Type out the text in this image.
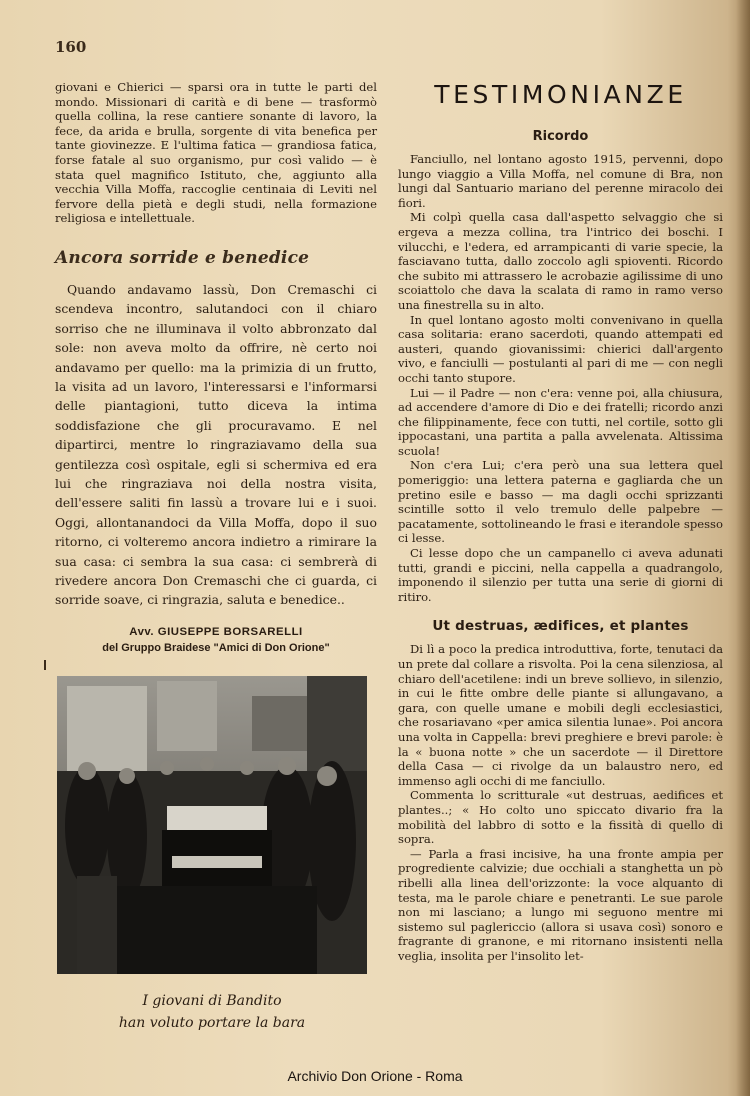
160

giovani e Chierici — sparsi ora in tutte le parti del mondo. Missionari di carità e di bene — trasformò quella collina, la rese cantiere sonante di lavoro, la fece, da arida e brulla, sorgente di vita benefica per tante giovinezze. E l'ultima fatica — grandiosa fatica, forse fatale al suo organismo, pur così valido — è stata quel magnifico Istituto, che, aggiunto alla vecchia Villa Moffa, raccoglie centinaia di Leviti nel fervore della pietà e degli studi, nella formazione religiosa e intellettuale.

Ancora sorride e benedice

Quando andavamo lassù, Don Cremaschi ci scendeva incontro, salutandoci con il chiaro sorriso che ne illuminava il volto abbronzato dal sole: non aveva molto da offrire, nè certo noi andavamo per quello: ma la primizia di un frutto, la visita ad un lavoro, l'interessarsi e l'informarsi delle piantagioni, tutto diceva la intima soddisfazione che gli procuravamo. E nel dipartirci, mentre lo ringraziavamo della sua gentilezza così ospitale, egli si schermiva ed era lui che ringraziava noi della nostra visita, dell'essere saliti fin lassù a trovare lui e i suoi. Oggi, allontanandoci da Villa Moffa, dopo il suo ritorno, ci volteremo ancora indietro a rimirare la sua casa: ci sembra la sua casa: ci sembrerà di rivedere ancora Don Cremaschi che ci guarda, ci sorride soave, ci ringrazia, saluta e benedice..

Avv. GIUSEPPE BORSARELLI

del Gruppo Braidese "Amici di Don Orione"

I giovani di Bandito
han voluto portare la bara
TESTIMONIANZE
Ricordo

Fanciullo, nel lontano agosto 1915, pervenni, dopo lungo viaggio a Villa Moffa, nel comune di Bra, non lungi dal Santuario mariano del perenne miracolo dei fiori.

Mi colpì quella casa dall'aspetto selvaggio che si ergeva a mezza collina, tra l'intrico dei boschi. I vilucchi, e l'edera, ed arrampicanti di varie specie, la fasciavano tutta, dallo zoccolo agli spioventi. Ricordo che subito mi attrassero le acrobazie agilissime di uno scoiattolo che dava la scalata di ramo in ramo verso una finestrella su in alto.

In quel lontano agosto molti convenivano in quella casa solitaria: erano sacerdoti, quando attempati ed austeri, quando giovanissimi: chierici dall'argento vivo, e fanciulli — postulanti al pari di me — con negli occhi tanto stupore.

Lui — il Padre — non c'era: venne poi, alla chiusura, ad accendere d'amore di Dio e dei fratelli; ricordo anzi che filippinamente, fece con tutti, nel cortile, sotto gli ippocastani, una partita a palla avvelenata. Altissima scuola!

Non c'era Lui; c'era però una sua lettera quel pomeriggio: una lettera paterna e gagliarda che un pretino esile e basso — ma dagli occhi sprizzanti scintille sotto il velo tremulo delle palpebre — pacatamente, sottolineando le frasi e iterandole spesso ci lesse.

Ci lesse dopo che un campanello ci aveva adunati tutti, grandi e piccini, nella cappella a quadrangolo, imponendo il silenzio per tutta una serie di giorni di ritiro.

Ut destruas, ædifices, et plantes

Di lì a poco la predica introduttiva, forte, tenutaci da un prete dal collare a risvolta. Poi la cena silenziosa, al chiaro dell'acetilene: indi un breve sollievo, in silenzio, in cui le fitte ombre delle piante si allungavano, a gara, con quelle umane e mobili degli ecclesiastici, che rosariavano «per amica silentia lunae». Poi ancora una volta in Cappella: brevi preghiere e brevi parole: è la « buona notte » che un sacerdote — il Direttore della Casa — ci rivolge da un balaustro nero, ed immenso agli occhi di me fanciullo.

Commenta lo scritturale «ut destruas, aedifices et plantes..; « Ho colto uno spiccato divario fra la mobilità del labbro di sotto e la fissità di quello di sopra.

— Parla a frasi incisive, ha una fronte ampia per progrediente calvizie; due occhiali a stanghetta un pò ribelli alla linea dell'orizzonte: la voce alquanto di testa, ma le parole chiare e penetranti. Le sue parole non mi lasciano; a lungo mi seguono mentre mi sistemo sul paglericcio (allora si usava così) sonoro e fragrante di granone, e mi ritornano insistenti nella veglia, insolita per l'insolito let-

Archivio Don Orione - Roma
